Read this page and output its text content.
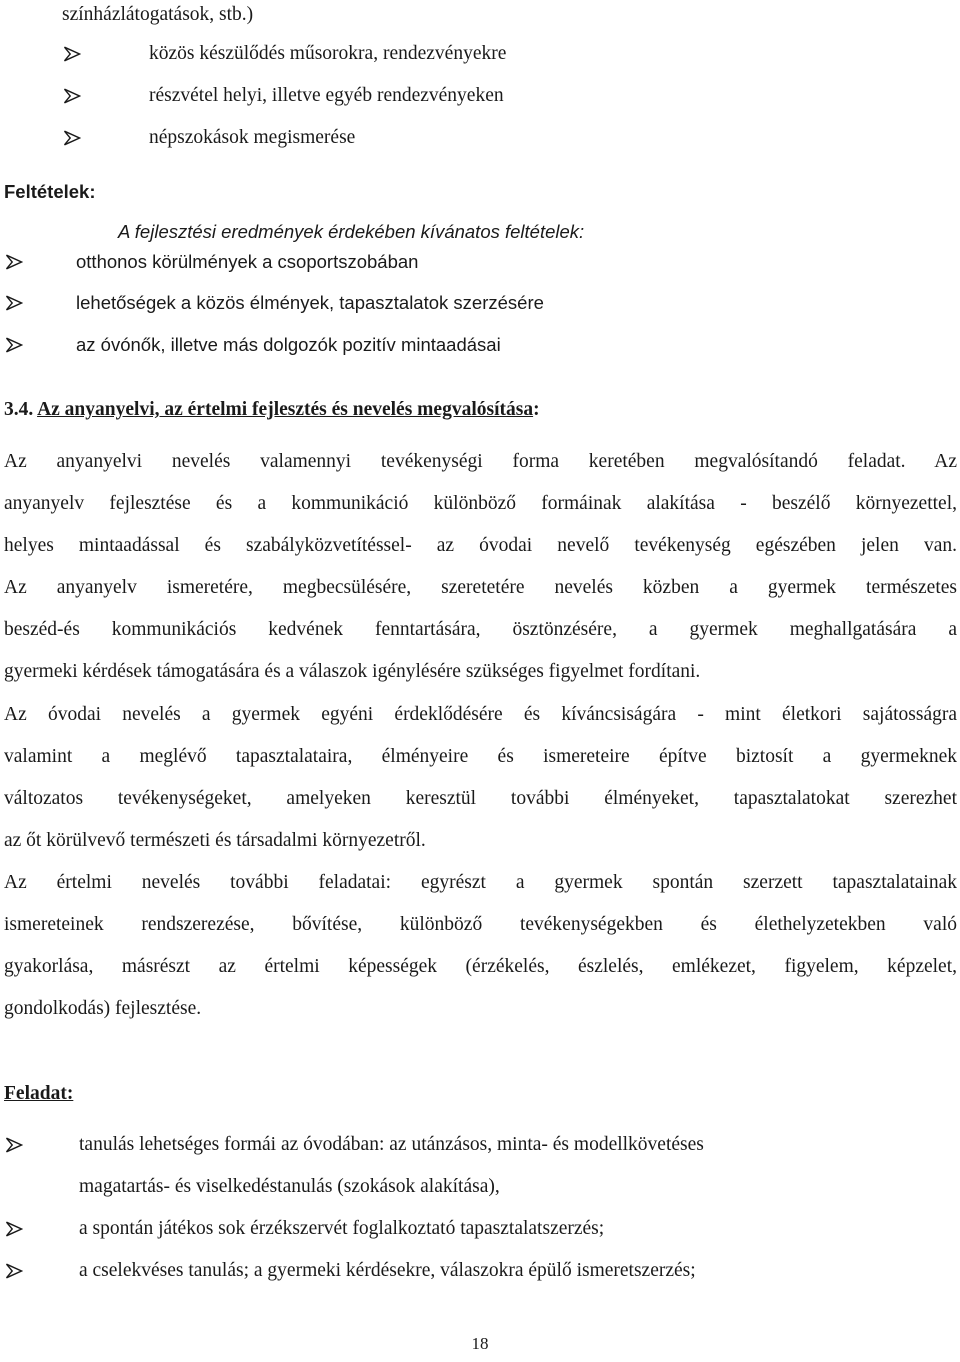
színházlátogatások, stb.)
közös készülődés műsorokra, rendezvényekre
részvétel helyi, illetve egyéb rendezvényeken
népszokások megismerése
Feltételek:
A fejlesztési eredmények érdekében kívánatos feltételek:
otthonos körülmények a csoportszobában
lehetőségek a közös élmények, tapasztalatok szerzésére
az óvónők, illetve más dolgozók pozitív mintaadásai
3.4. Az anyanyelvi, az értelmi fejlesztés és nevelés megvalósítása:
Az anyanyelvi nevelés valamennyi tevékenységi forma keretében megvalósítandó feladat. Az
anyanyelv fejlesztése és a kommunikáció különböző formáinak alakítása - beszélő környezettel,
helyes mintaadással és szabályközvetítéssel- az óvodai nevelő tevékenység egészében jelen van.
Az anyanyelv ismeretére, megbecsülésére, szeretetére nevelés közben a gyermek természetes
beszéd-és kommunikációs kedvének fenntartására, ösztönzésére, a gyermek meghallgatására a
gyermeki kérdések támogatására és a válaszok igénylésére szükséges figyelmet fordítani.
Az óvodai nevelés a gyermek egyéni érdeklődésére és kíváncsiságára - mint életkori sajátosságra
valamint a meglévő tapasztalataira, élményeire és ismereteire építve biztosít a gyermeknek
változatos tevékenységeket, amelyeken keresztül további élményeket, tapasztalatokat szerezhet
az őt körülvevő természeti és társadalmi környezetről.
Az értelmi nevelés további feladatai: egyrészt a gyermek spontán szerzett tapasztalatainak
ismereteinek rendszerezése, bővítése, különböző tevékenységekben és élethelyzetekben való
gyakorlása, másrészt az értelmi képességek (érzékelés, észlelés, emlékezet, figyelem, képzelet,
gondolkodás) fejlesztése.
Feladat:
tanulás lehetséges formái az óvodában: az utánzásos, minta- és modellkövetéses
magatartás- és viselkedéstanulás (szokások alakítása),
a spontán játékos sok érzékszervét foglalkoztató tapasztalatszerzés;
a cselekvéses tanulás; a gyermeki kérdésekre, válaszokra épülő ismeretszerzés;
18
